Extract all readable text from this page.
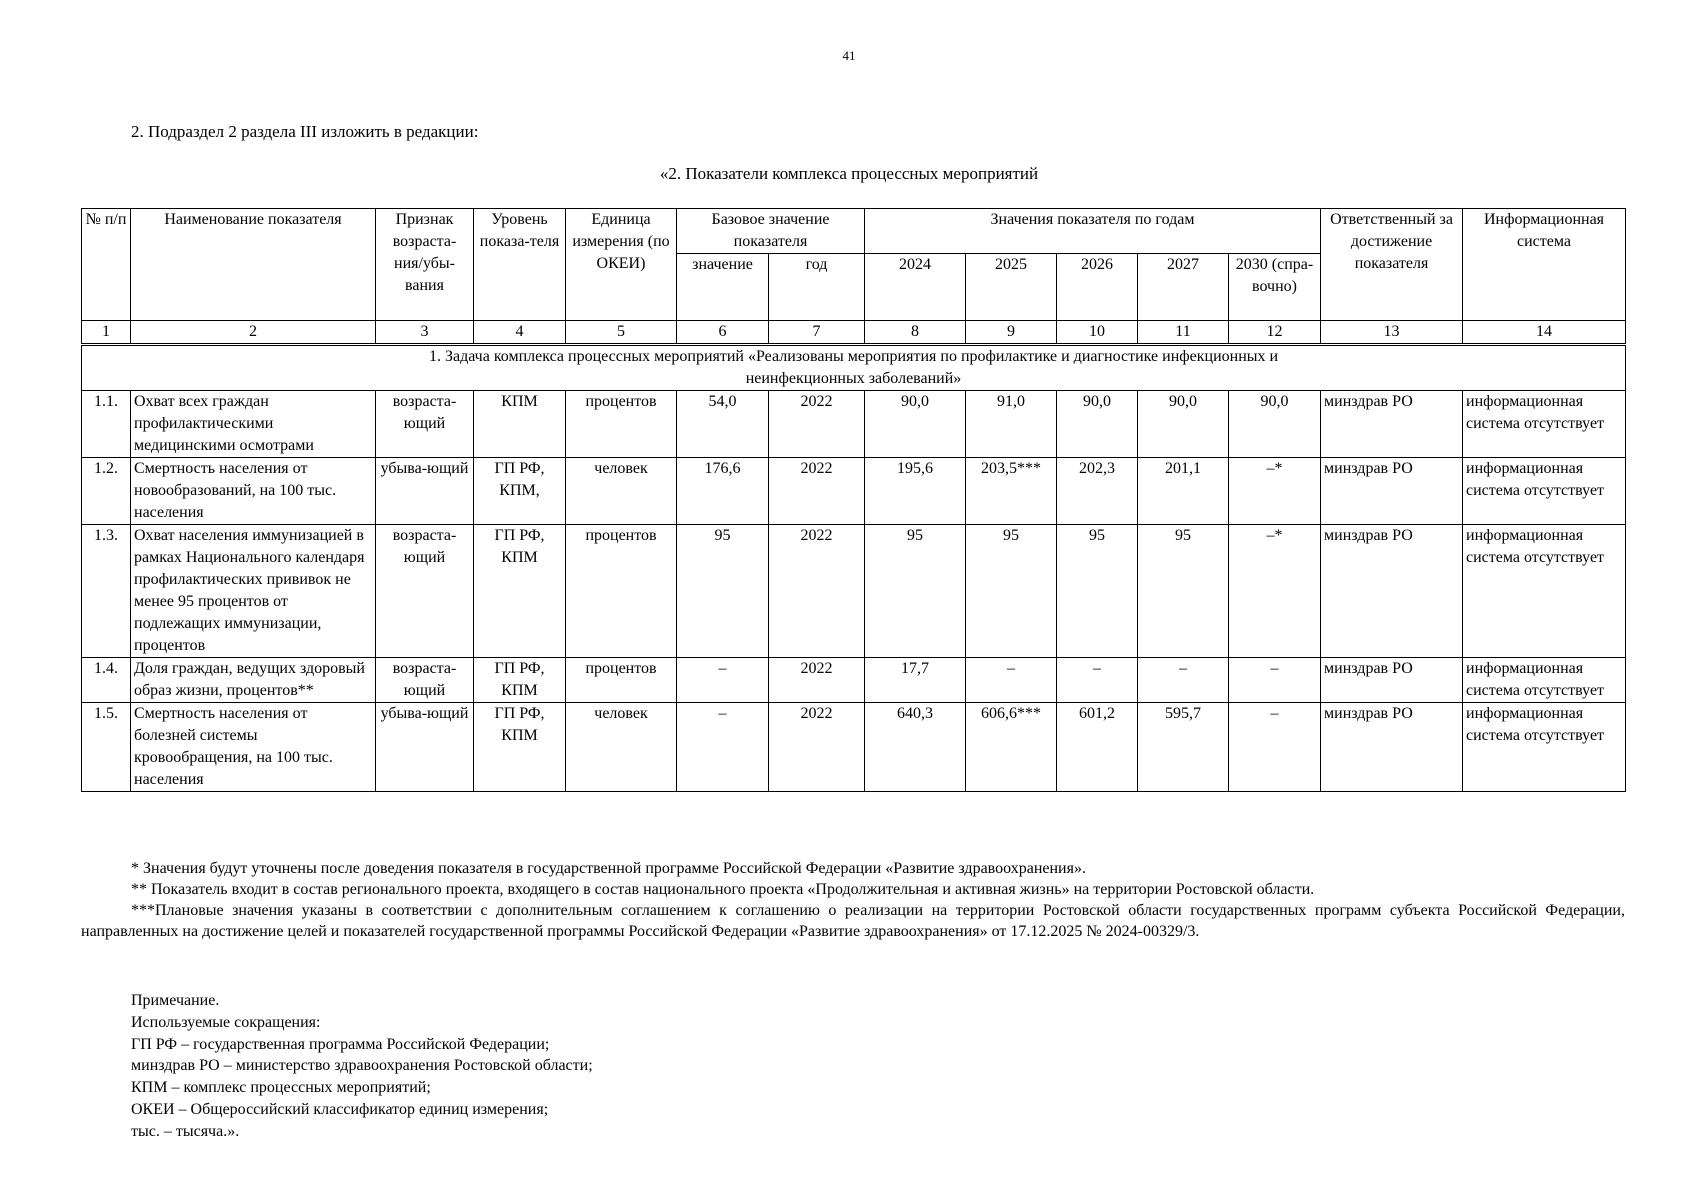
41
2. Подраздел 2 раздела III изложить в редакции:
«2. Показатели комплекса процессных мероприятий
№ п/п	Наименование показателя	Признак возраста-ния/убы-вания	Уровень показа-теля	Единица измерения (по ОКЕИ)	Базовое значение показателя		Значения показателя по годам					Ответственный за достижение показателя	Информационная система
					значение	год	2024	2025	2026	2027	2030 (спра-вочно)		
1	2	3	4	5	6	7	8	9	10	11	12	13	14
1. Задача комплекса процессных мероприятий «Реализованы мероприятия по профилактике и диагностике инфекционных и неинфекционных заболеваний»													
1.1.	Охват всех граждан профилактическими медицинскими осмотрами	возраста-ющий	КПМ	процентов	54,0	2022	90,0	91,0	90,0	90,0	90,0	минздрав РО	информационная система отсутствует
1.2.	Смертность населения от новообразований, на 100 тыс. населения	убыва-ющий	ГП РФ, КПМ,	человек	176,6	2022	195,6	203,5***	202,3	201,1	–*	минздрав РО	информационная система отсутствует
1.3.	Охват населения иммунизацией в рамках Национального календаря профилактических прививок не менее 95 процентов от подлежащих иммунизации, процентов	возраста-ющий	ГП РФ, КПМ	процентов	95	2022	95	95	95	95	–*	минздрав РО	информационная система отсутствует
1.4.	Доля граждан, ведущих здоровый образ жизни, процентов**	возраста-ющий	ГП РФ, КПМ	процентов	–	2022	17,7	–	–	–	–	минздрав РО	информационная система отсутствует
1.5.	Смертность населения от болезней системы кровообращения, на 100 тыс. населения	убыва-ющий	ГП РФ, КПМ	человек	–	2022	640,3	606,6***	601,2	595,7	–	минздрав РО	информационная система отсутствует

* Значения будут уточнены после доведения показателя в государственной программе Российской Федерации «Развитие здравоохранения».

** Показатель входит в состав регионального проекта, входящего в состав национального проекта «Продолжительная и активная жизнь» на территории Ростовской области.

***Плановые значения указаны в соответствии с дополнительным соглашением к соглашению о реализации на территории Ростовской области государственных программ субъекта Российской Федерации, направленных на достижение целей и показателей государственной программы Российской Федерации «Развитие здравоохранения» от 17.12.2025 № 2024-00329/3.

Примечание.
Используемые сокращения:
ГП РФ – государственная программа Российской Федерации;
минздрав РО – министерство здравоохранения Ростовской области;
КПМ – комплекс процессных мероприятий;
ОКЕИ – Общероссийский классификатор единиц измерения;
тыс. – тысяча.».
